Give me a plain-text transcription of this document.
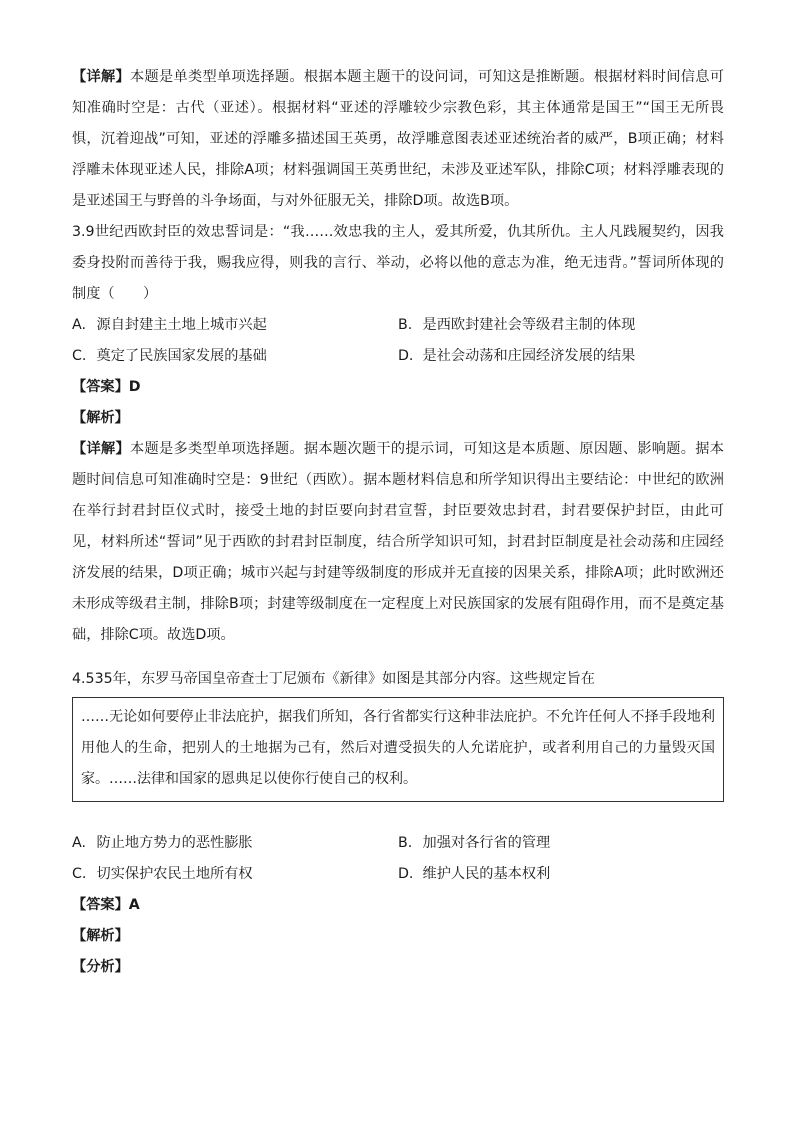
【详解】本题是单类型单项选择题。根据本题主题干的设问词，可知这是推断题。根据材料时间信息可知准确时空是：古代（亚述）。根据材料“亚述的浮雕较少宗教色彩，其主体通常是国王”“国王无所畏惧，沉着迎战”可知，亚述的浮雕多描述国王英勇，故浮雕意图表述亚述统治者的威严，B项正确；材料浮雕未体现亚述人民，排除A项；材料强调国王英勇世纪，未涉及亚述军队，排除C项；材料浮雕表现的是亚述国王与野兽的斗争场面，与对外征服无关，排除D项。故选B项。

3.9世纪西欧封臣的效忠誓词是：“我……效忠我的主人，爱其所爱，仇其所仇。主人凡践履契约，因我委身投附而善待于我，赐我应得，则我的言行、举动，必将以他的意志为准，绝无违背。”誓词所体现的制度（　　）

A. 源自封建主土地上城市兴起	B. 是西欧封建社会等级君主制的体现
C. 奠定了民族国家发展的基础	D. 是社会动荡和庄园经济发展的结果

【答案】D

【解析】

【详解】本题是多类型单项选择题。据本题次题干的提示词，可知这是本质题、原因题、影响题。据本题时间信息可知准确时空是：9世纪（西欧）。据本题材料信息和所学知识得出主要结论：中世纪的欧洲在举行封君封臣仪式时，接受土地的封臣要向封君宣誓，封臣要效忠封君，封君要保护封臣，由此可见，材料所述“誓词”见于西欧的封君封臣制度，结合所学知识可知，封君封臣制度是社会动荡和庄园经济发展的结果，D项正确；城市兴起与封建等级制度的形成并无直接的因果关系，排除A项；此时欧洲还未形成等级君主制，排除B项；封建等级制度在一定程度上对民族国家的发展有阻碍作用，而不是奠定基础，排除C项。故选D项。

4.535年，东罗马帝国皇帝查士丁尼颁布《新律》如图是其部分内容。这些规定旨在

……无论如何要停止非法庇护，据我们所知，各行省都实行这种非法庇护。不允许任何人不择手段地利用他人的生命，把别人的土地据为己有，然后对遭受损失的人允诺庇护，或者利用自己的力量毁灭国家。……法律和国家的恩典足以使你行使自己的权利。

A. 防止地方势力的恶性膨胀	B. 加强对各行省的管理
C. 切实保护农民土地所有权	D. 维护人民的基本权利

【答案】A

【解析】

【分析】
